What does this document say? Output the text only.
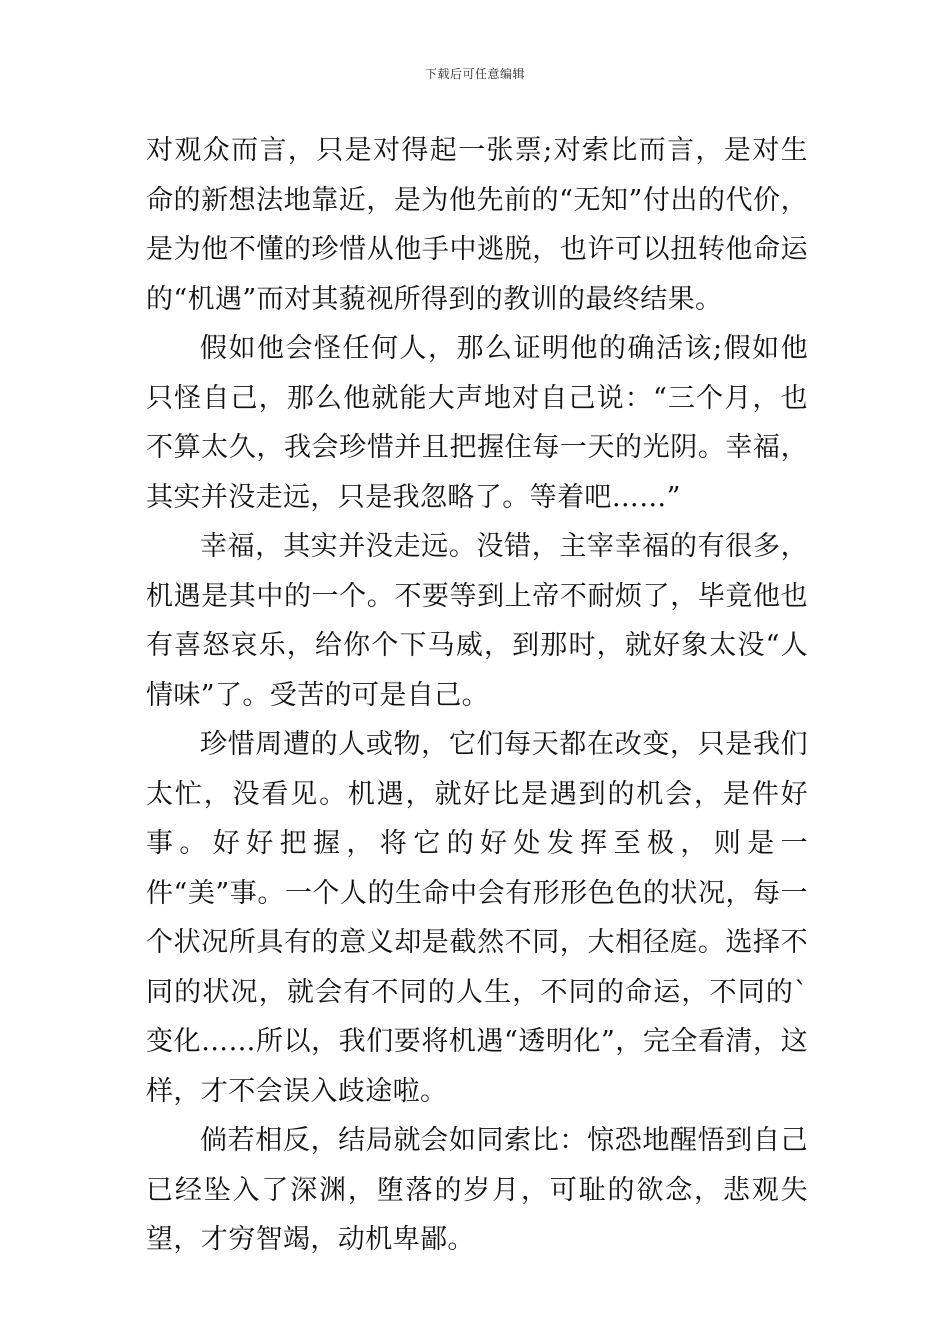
下载后可任意编辑

对观众而言，只是对得起一张票;对索比而言，是对生命的新想法地靠近，是为他先前的“无知”付出的代价，是为他不懂的珍惜从他手中逃脱，也许可以扭转他命运的“机遇”而对其藐视所得到的教训的最终结果。

假如他会怪任何人，那么证明他的确活该;假如他只怪自己，那么他就能大声地对自己说：“三个月，也不算太久，我会珍惜并且把握住每一天的光阴。幸福，其实并没走远，只是我忽略了。等着吧……”

幸福，其实并没走远。没错，主宰幸福的有很多，机遇是其中的一个。不要等到上帝不耐烦了，毕竟他也有喜怒哀乐，给你个下马威，到那时，就好象太没“人情味”了。受苦的可是自己。

珍惜周遭的人或物，它们每天都在改变，只是我们太忙，没看见。机遇，就好比是遇到的机会，是件好事。好好把握，将它的好处发挥至极，则是一件“美”事。一个人的生命中会有形形色色的状况，每一个状况所具有的意义却是截然不同，大相径庭。选择不同的状况，就会有不同的人生，不同的命运，不同的`变化……所以，我们要将机遇“透明化”，完全看清，这样，才不会误入歧途啦。

倘若相反，结局就会如同索比：惊恐地醒悟到自己已经坠入了深渊，堕落的岁月，可耻的欲念，悲观失望，才穷智竭，动机卑鄙。
